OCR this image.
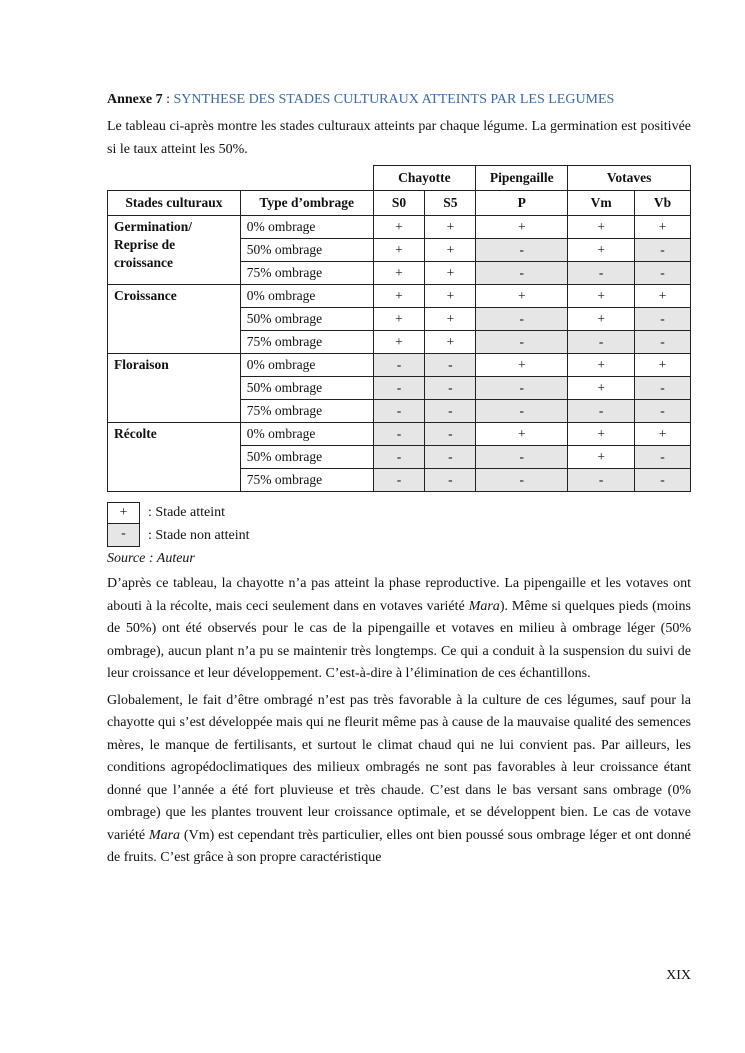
Annexe 7 : SYNTHESE DES STADES CULTURAUX ATTEINTS PAR LES LEGUMES

Le tableau ci-après montre les stades culturaux atteints par chaque légume. La germination est positivée si le taux atteint les 50%.

		Chayotte		Pipengaille	Votaves	
Stades culturaux	Type d’ombrage	S0	S5	P	Vm	Vb
Germination/
Reprise de
croissance	0% ombrage	+	+	+	+	+
	50% ombrage	+	+	-	+	-
	75% ombrage	+	+	-	-	-
Croissance	0% ombrage	+	+	+	+	+
	50% ombrage	+	+	-	+	-
	75% ombrage	+	+	-	-	-
Floraison	0% ombrage	-	-	+	+	+
	50% ombrage	-	-	-	+	-
	75% ombrage	-	-	-	-	-
Récolte	0% ombrage	-	-	+	+	+
	50% ombrage	-	-	-	+	-
	75% ombrage	-	-	-	-	-
+	: Stade atteint
-	: Stade non atteint
Source : Auteur

D’après ce tableau, la chayotte n’a pas atteint la phase reproductive. La pipengaille et les votaves ont abouti à la récolte, mais ceci seulement dans en votaves variété Mara). Même si quelques pieds (moins de 50%) ont été observés pour le cas de la pipengaille et votaves en milieu à ombrage léger (50% ombrage), aucun plant n’a pu se maintenir très longtemps. Ce qui a conduit à la suspension du suivi de leur croissance et leur développement. C’est-à-dire à l’élimination de ces échantillons.

Globalement, le fait d’être ombragé n’est pas très favorable à la culture de ces légumes, sauf pour la chayotte qui s’est développée mais qui ne fleurit même pas à cause de la mauvaise qualité des semences mères, le manque de fertilisants, et surtout le climat chaud qui ne lui convient pas. Par ailleurs, les conditions agropédoclimatiques des milieux ombragés ne sont pas favorables à leur croissance étant donné que l’année a été fort pluvieuse et très chaude. C’est dans le bas versant sans ombrage (0% ombrage) que les plantes trouvent leur croissance optimale, et se développent bien. Le cas de votave variété Mara (Vm) est cependant très particulier, elles ont bien poussé sous ombrage léger et ont donné de fruits. C’est grâce à son propre caractéristique

XIX
